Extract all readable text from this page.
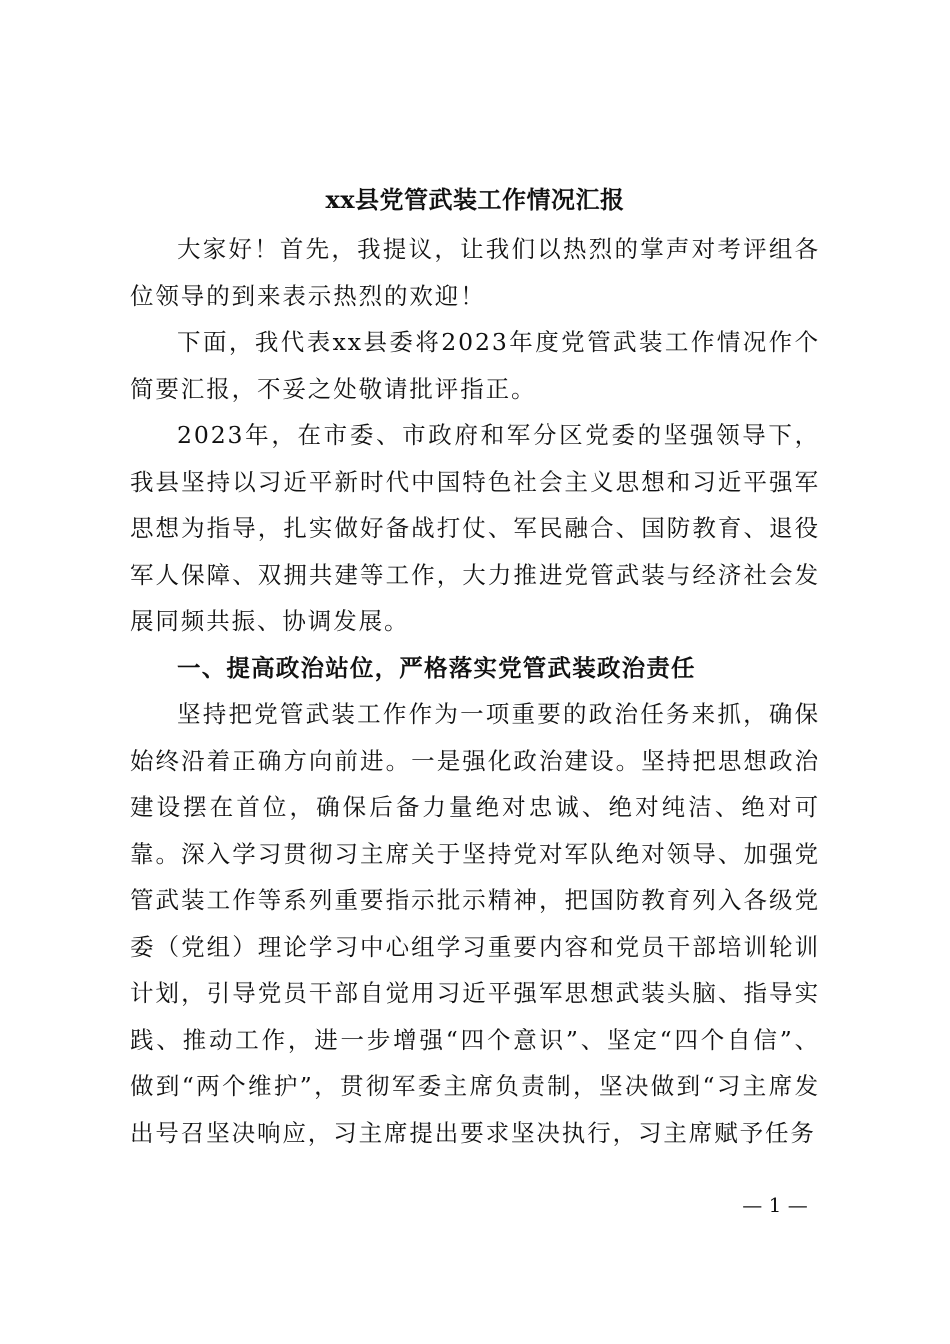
xx县党管武装工作情况汇报

大家好！首先，我提议，让我们以热烈的掌声对考评组各位领导的到来表示热烈的欢迎！

下面，我代表xx县委将2023年度党管武装工作情况作个简要汇报，不妥之处敬请批评指正。

2023年，在市委、市政府和军分区党委的坚强领导下，我县坚持以习近平新时代中国特色社会主义思想和习近平强军思想为指导，扎实做好备战打仗、军民融合、国防教育、退役军人保障、双拥共建等工作，大力推进党管武装与经济社会发展同频共振、协调发展。

一、提高政治站位，严格落实党管武装政治责任

坚持把党管武装工作作为一项重要的政治任务来抓，确保始终沿着正确方向前进。一是强化政治建设。坚持把思想政治建设摆在首位，确保后备力量绝对忠诚、绝对纯洁、绝对可靠。深入学习贯彻习主席关于坚持党对军队绝对领导、加强党管武装工作等系列重要指示批示精神，把国防教育列入各级党委（党组）理论学习中心组学习重要内容和党员干部培训轮训计划，引导党员干部自觉用习近平强军思想武装头脑、指导实践、推动工作，进一步增强“四个意识”、坚定“四个自信”、做到“两个维护”，贯彻军委主席负责制，坚决做到“习主席发出号召坚决响应，习主席提出要求坚决执行，习主席赋予任务

— 1 —
